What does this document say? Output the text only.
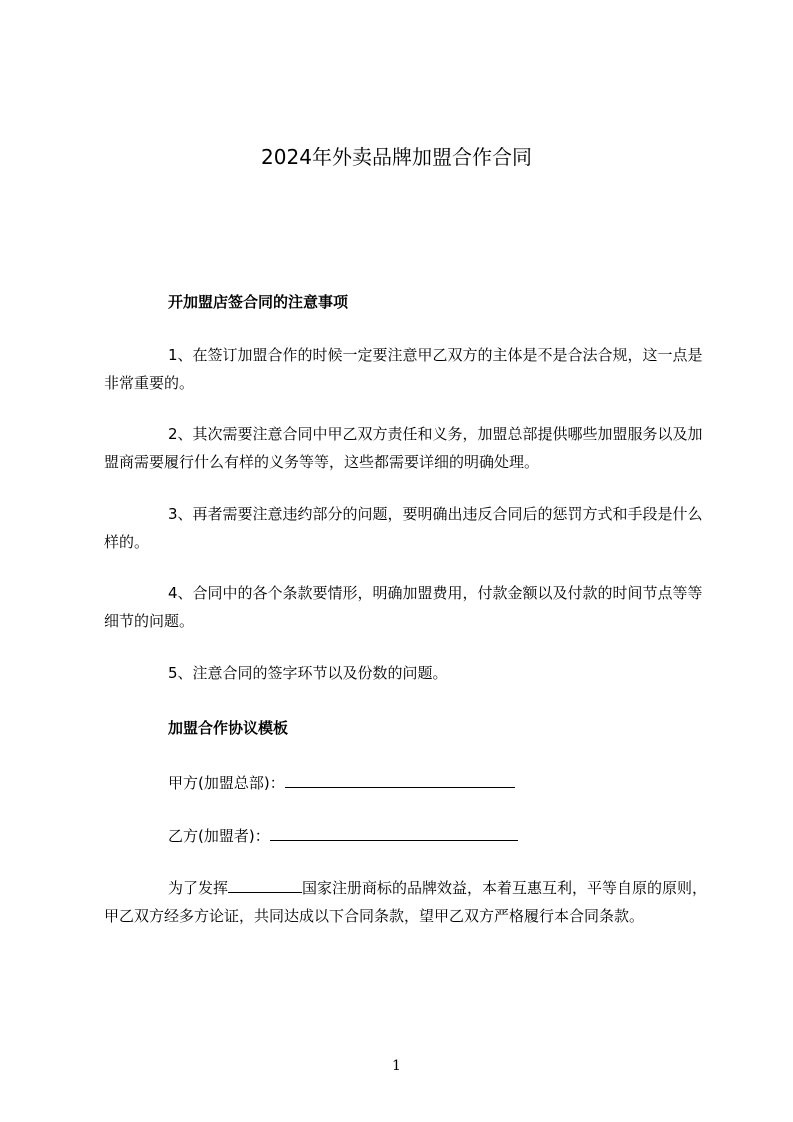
2024年外卖品牌加盟合作合同
开加盟店签合同的注意事项
1、在签订加盟合作的时候一定要注意甲乙双方的主体是不是合法合规，这一点是非常重要的。
2、其次需要注意合同中甲乙双方责任和义务，加盟总部提供哪些加盟服务以及加盟商需要履行什么有样的义务等等，这些都需要详细的明确处理。
3、再者需要注意违约部分的问题，要明确出违反合同后的惩罚方式和手段是什么样的。
4、合同中的各个条款要情形，明确加盟费用，付款金额以及付款的时间节点等等细节的问题。
5、注意合同的签字环节以及份数的问题。
加盟合作协议模板
甲方(加盟总部)：
乙方(加盟者)：
为了发挥	国家注册商标的品牌效益，本着互惠互利，平等自原的原则，甲乙双方经多方论证，共同达成以下合同条款，望甲乙双方严格履行本合同条款。
1
